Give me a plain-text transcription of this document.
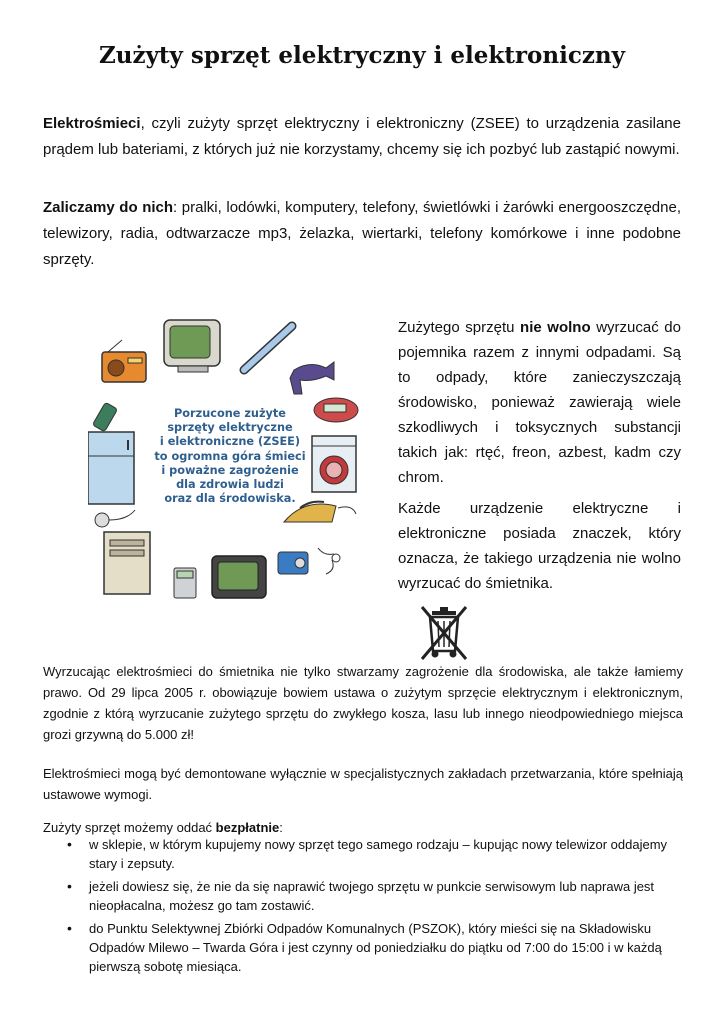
Zużyty sprzęt elektryczny i elektroniczny
Elektrośmieci, czyli zużyty sprzęt elektryczny i elektroniczny (ZSEE) to urządzenia zasilane prądem lub bateriami, z których już nie korzystamy, chcemy się ich pozbyć lub zastąpić nowymi.
Zaliczamy do nich: pralki, lodówki, komputery, telefony, świetlówki i żarówki energooszczędne, telewizory, radia, odtwarzacze mp3, żelazka, wiertarki, telefony komórkowe i inne podobne sprzęty.
Porzucone zużyte
sprzęty elektryczne
i elektroniczne (ZSEE)
to ogromna góra śmieci
i poważne zagrożenie
dla zdrowia ludzi
oraz dla środowiska.
Zużytego sprzętu nie wolno wyrzucać do pojemnika razem z innymi odpadami. Są to odpady, które zanieczyszczają środowisko, ponieważ zawierają wiele szkodliwych i toksycznych substancji takich jak: rtęć, freon, azbest, kadm czy chrom.
Każde urządzenie elektryczne i elektroniczne posiada znaczek, który oznacza, że takiego urządzenia nie wolno wyrzucać do śmietnika.
Wyrzucając elektrośmieci do śmietnika nie tylko stwarzamy zagrożenie dla środowiska, ale także łamiemy prawo. Od 29 lipca 2005 r. obowiązuje bowiem ustawa o zużytym sprzęcie elektrycznym i elektronicznym, zgodnie z którą wyrzucanie zużytego sprzętu do zwykłego kosza, lasu lub innego nieodpowiedniego miejsca grozi grzywną do 5.000 zł!
Elektrośmieci mogą być demontowane wyłącznie w specjalistycznych zakładach przetwarzania, które spełniają ustawowe wymogi.
Zużyty sprzęt możemy oddać bezpłatnie:
• w sklepie, w którym kupujemy nowy sprzęt tego samego rodzaju – kupując nowy telewizor oddajemy stary i zepsuty.
• jeżeli dowiesz się, że nie da się naprawić twojego sprzętu w punkcie serwisowym lub naprawa jest nieopłacalna, możesz go tam zostawić.
• do Punktu Selektywnej Zbiórki Odpadów Komunalnych (PSZOK), który mieści się na Składowisku Odpadów Milewo – Twarda Góra i jest czynny od poniedziałku do piątku od 7:00 do 15:00 i w każdą pierwszą sobotę miesiąca.
